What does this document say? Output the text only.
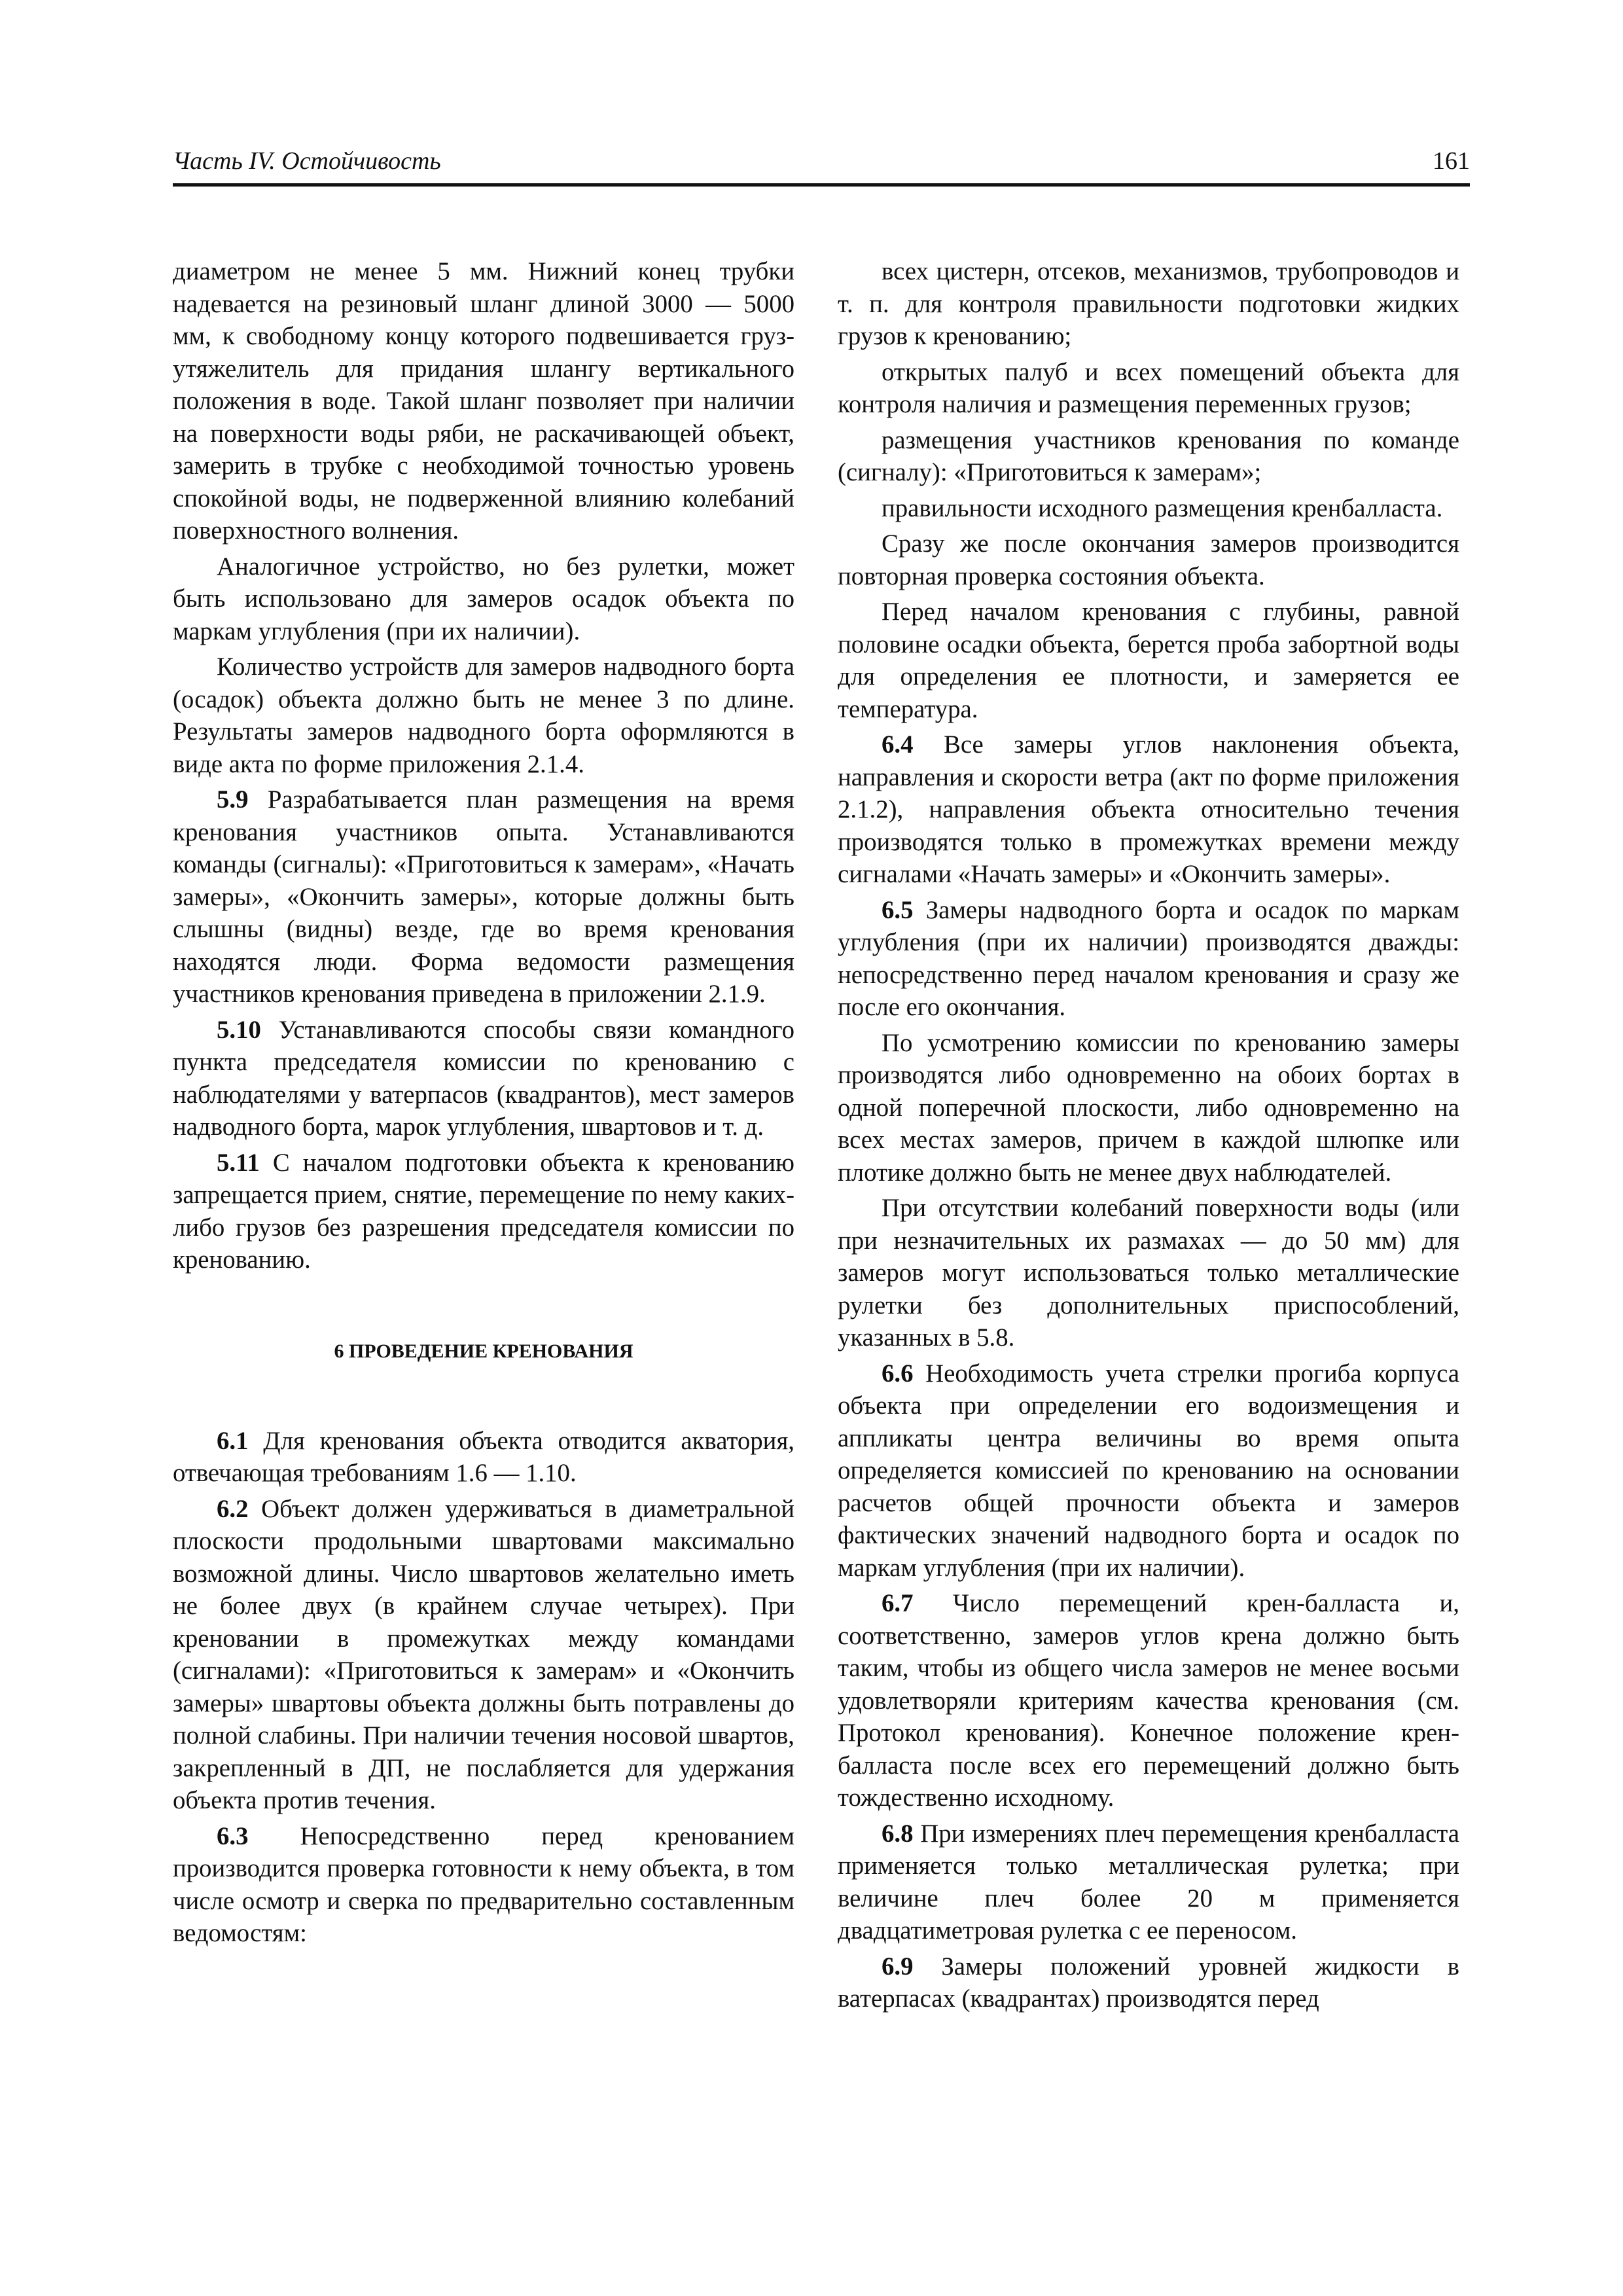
Часть IV. Остойчивость	161

диаметром не менее 5 мм. Нижний конец трубки надевается на резиновый шланг длиной 3000 — 5000 мм, к свободному концу которого подвешивается груз-утяжелитель для придания шлангу вертикального положения в воде. Такой шланг позволяет при наличии на поверхности воды ряби, не раскачивающей объект, замерить в трубке с необходимой точностью уровень спокойной воды, не подверженной влиянию колебаний поверхностного волнения.

Аналогичное устройство, но без рулетки, может быть использовано для замеров осадок объекта по маркам углубления (при их наличии).

Количество устройств для замеров надводного борта (осадок) объекта должно быть не менее 3 по длине. Результаты замеров надводного борта оформляются в виде акта по форме приложения 2.1.4.

5.9 Разрабатывается план размещения на время кренования участников опыта. Устанавливаются команды (сигналы): «Приготовиться к замерам», «Начать замеры», «Окончить замеры», которые должны быть слышны (видны) везде, где во время кренования находятся люди. Форма ведомости размещения участников кренования приведена в приложении 2.1.9.

5.10 Устанавливаются способы связи командного пункта председателя комиссии по кренованию с наблюдателями у ватерпасов (квадрантов), мест замеров надводного борта, марок углубления, швартовов и т. д.

5.11 С началом подготовки объекта к кренованию запрещается прием, снятие, перемещение по нему каких-либо грузов без разрешения председателя комиссии по кренованию.

6 ПРОВЕДЕНИЕ КРЕНОВАНИЯ

6.1 Для кренования объекта отводится акватория, отвечающая требованиям 1.6 — 1.10.

6.2 Объект должен удерживаться в диаметральной плоскости продольными швартовами максимально возможной длины. Число швартовов желательно иметь не более двух (в крайнем случае четырех). При креновании в промежутках между командами (сигналами): «Приготовиться к замерам» и «Окончить замеры» швартовы объекта должны быть потравлены до полной слабины. При наличии течения носовой швартов, закрепленный в ДП, не послабляется для удержания объекта против течения.

6.3 Непосредственно перед кренованием производится проверка готовности к нему объекта, в том числе осмотр и сверка по предварительно составленным ведомостям:

всех цистерн, отсеков, механизмов, трубопроводов и т. п. для контроля правильности подготовки жидких грузов к кренованию;

открытых палуб и всех помещений объекта для контроля наличия и размещения переменных грузов;

размещения участников кренования по команде (сигналу): «Приготовиться к замерам»;

правильности исходного размещения кренбалласта.

Сразу же после окончания замеров производится повторная проверка состояния объекта.

Перед началом кренования с глубины, равной половине осадки объекта, берется проба забортной воды для определения ее плотности, и замеряется ее температура.

6.4 Все замеры углов наклонения объекта, направления и скорости ветра (акт по форме приложения 2.1.2), направления объекта относительно течения производятся только в промежутках времени между сигналами «Начать замеры» и «Окончить замеры».

6.5 Замеры надводного борта и осадок по маркам углубления (при их наличии) производятся дважды: непосредственно перед началом кренования и сразу же после его окончания.

По усмотрению комиссии по кренованию замеры производятся либо одновременно на обоих бортах в одной поперечной плоскости, либо одновременно на всех местах замеров, причем в каждой шлюпке или плотике должно быть не менее двух наблюдателей.

При отсутствии колебаний поверхности воды (или при незначительных их размахах — до 50 мм) для замеров могут использоваться только металлические рулетки без дополнительных приспособлений, указанных в 5.8.

6.6 Необходимость учета стрелки прогиба корпуса объекта при определении его водоизмещения и аппликаты центра величины во время опыта определяется комиссией по кренованию на основании расчетов общей прочности объекта и замеров фактических значений надводного борта и осадок по маркам углубления (при их наличии).

6.7 Число перемещений крен-балласта и, соответственно, замеров углов крена должно быть таким, чтобы из общего числа замеров не менее восьми удовлетворяли критериям качества кренования (см. Протокол кренования). Конечное положение крен-балласта после всех его перемещений должно быть тождественно исходному.

6.8 При измерениях плеч перемещения кренбалласта применяется только металлическая рулетка; при величине плеч более 20 м применяется двадцатиметровая рулетка с ее переносом.

6.9 Замеры положений уровней жидкости в ватерпасах (квадрантах) производятся перед
